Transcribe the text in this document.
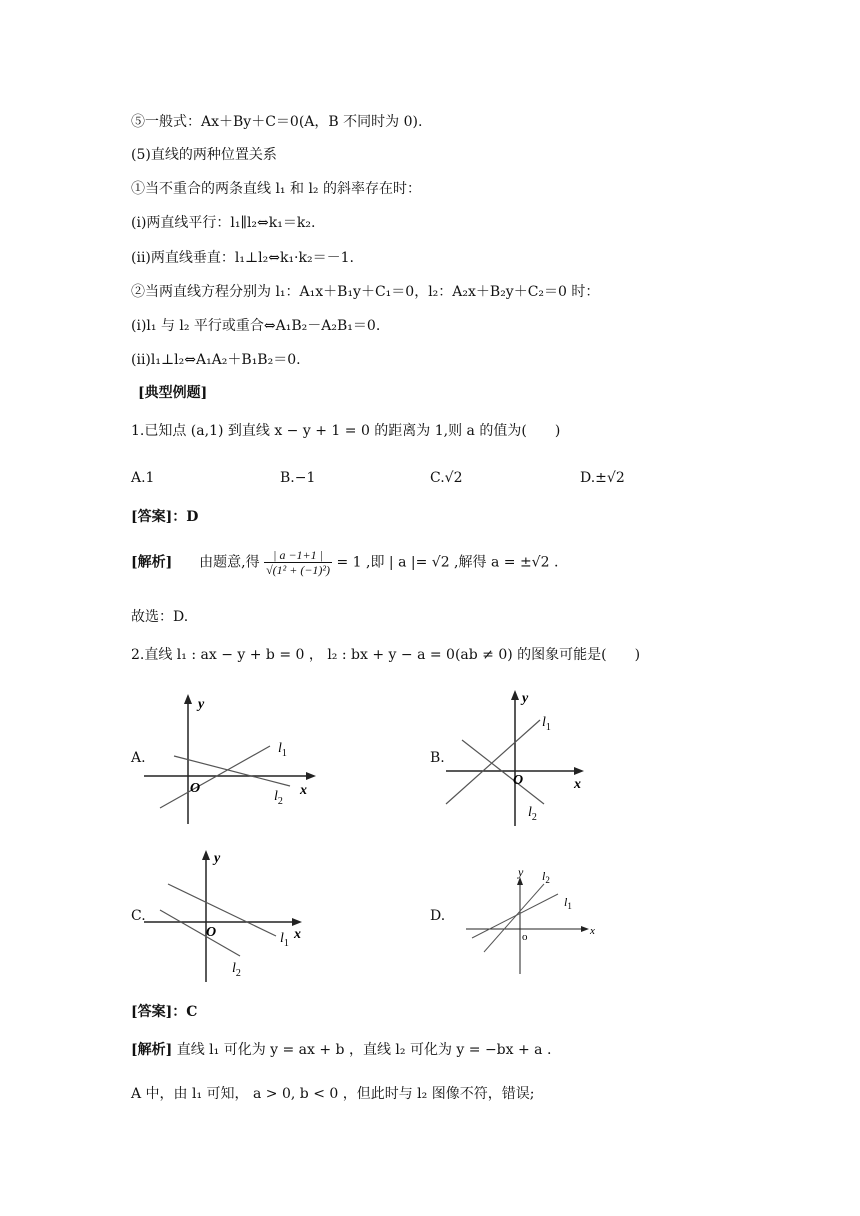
⑤一般式：Ax＋By＋C＝0(A，B 不同时为 0).
(5)直线的两种位置关系
①当不重合的两条直线 l₁ 和 l₂ 的斜率存在时：
(i)两直线平行：l₁∥l₂⇔k₁＝k₂.
(ii)两直线垂直：l₁⊥l₂⇔k₁·k₂＝－1.
②当两直线方程分别为 l₁：A₁x＋B₁y＋C₁＝0，l₂：A₂x＋B₂y＋C₂＝0 时：
(i)l₁ 与 l₂ 平行或重合⇔A₁B₂－A₂B₁＝0.
(ii)l₁⊥l₂⇔A₁A₂＋B₁B₂＝0.
[典型例题]
1.已知点 (a,1) 到直线 x − y + 1 = 0 的距离为 1,则 a 的值为(　　)
A.1	B.−1	C.√2	D.±√2
[答案]：D
[解析] 由题意,得 $\frac{| a -1+1 |}{\text{√(1² + (−1)²)}} = 1$ ,即 | a |= √2 ,解得 a = ±√2 .
故选：D.
2.直线 l₁ : ax − y + b = 0 ， l₂ : bx + y − a = 0(ab ≠ 0) 的图象可能是(　　)
A.	B.
C.	D.
y
x
O
$l_1$
$l_2$
y
x
O
$l_1$
$l_2$
y
x
O	$l_1$
$l_2$
y
x
o
$l_1$
$l_2$
[答案]：C
[解析] 直线 l₁ 可化为 y = ax + b ，直线 l₂ 可化为 y = −bx + a .
A 中，由 l₁ 可知， a > 0, b < 0 ，但此时与 l₂ 图像不符，错误;
